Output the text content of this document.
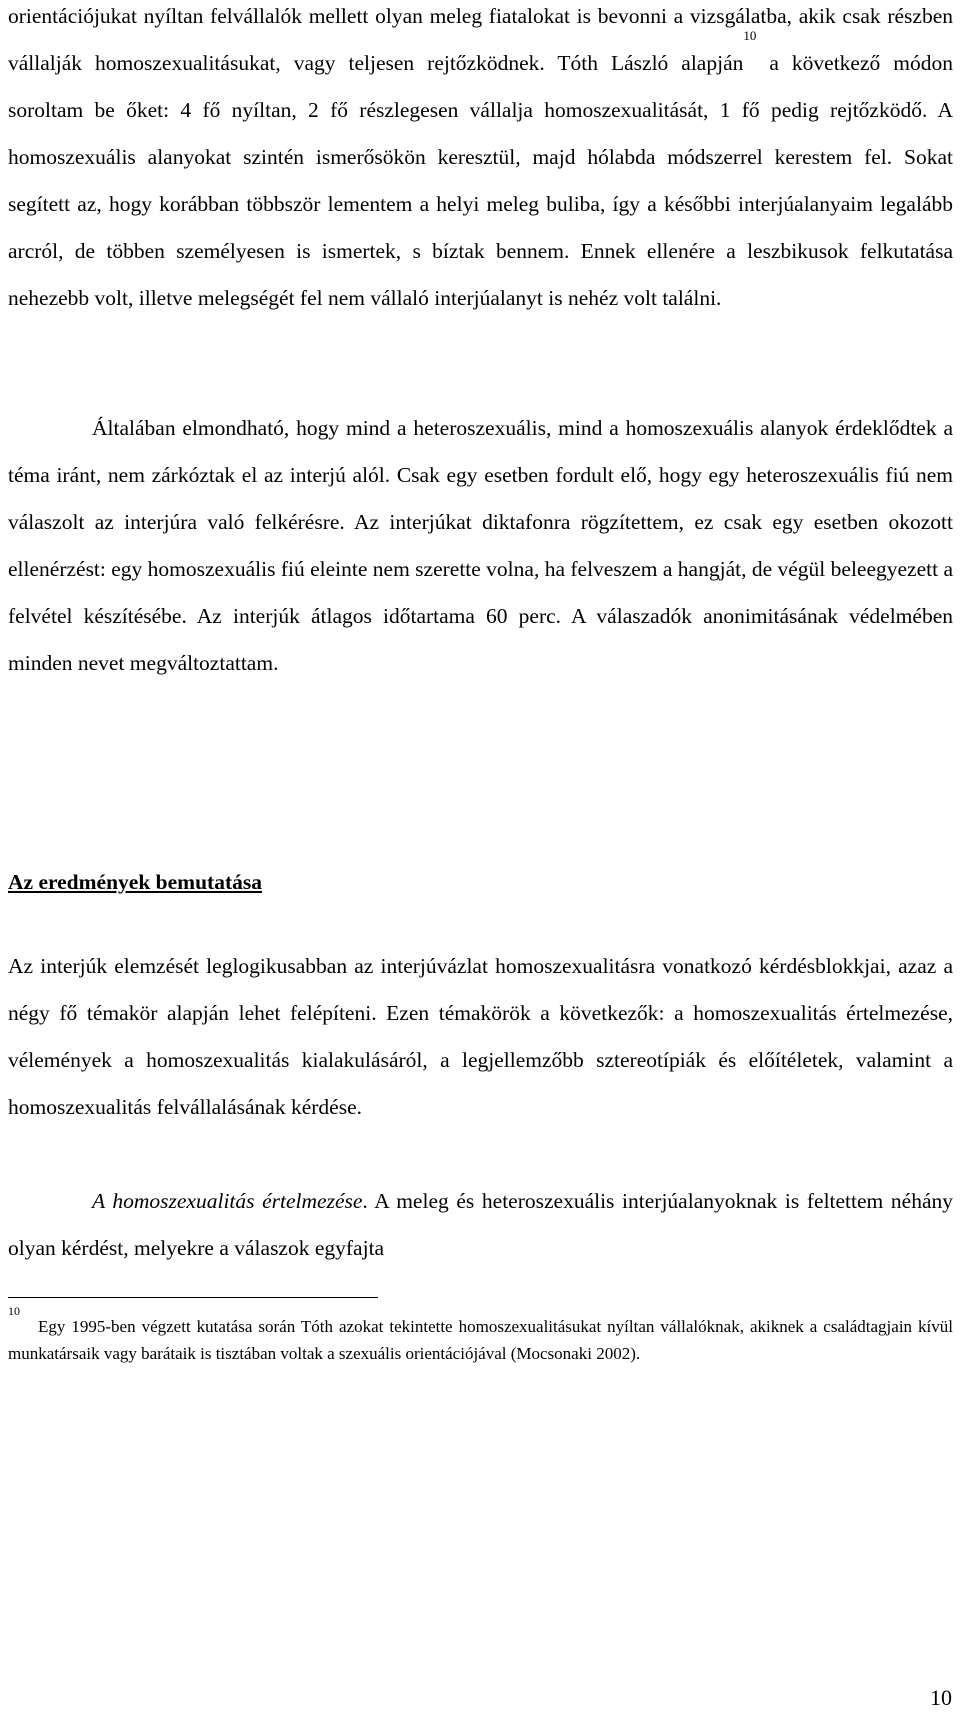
orientációjukat nyíltan felvállalók mellett olyan meleg fiatalokat is bevonni a vizsgálatba, akik csak részben vállalják homoszexualitásukat, vagy teljesen rejtőzködnek. Tóth László alapján$^{10}$ a következő módon soroltam be őket: 4 fő nyíltan, 2 fő részlegesen vállalja homoszexualitását, 1 fő pedig rejtőzködő. A homoszexuális alanyokat szintén ismerősökön keresztül, majd hólabda módszerrel kerestem fel. Sokat segített az, hogy korábban többször lementem a helyi meleg buliba, így a későbbi interjúalanyaim legalább arcról, de többen személyesen is ismertek, s bíztak bennem. Ennek ellenére a leszbikusok felkutatása nehezebb volt, illetve melegségét fel nem vállaló interjúalanyt is nehéz volt találni.

Általában elmondható, hogy mind a heteroszexuális, mind a homoszexuális alanyok érdeklődtek a téma iránt, nem zárkóztak el az interjú alól. Csak egy esetben fordult elő, hogy egy heteroszexuális fiú nem válaszolt az interjúra való felkérésre. Az interjúkat diktafonra rögzítettem, ez csak egy esetben okozott ellenérzést: egy homoszexuális fiú eleinte nem szerette volna, ha felveszem a hangját, de végül beleegyezett a felvétel készítésébe. Az interjúk átlagos időtartama 60 perc. A válaszadók anonimitásának védelmében minden nevet megváltoztattam.

Az eredmények bemutatása

Az interjúk elemzését leglogikusabban az interjúvázlat homoszexualitásra vonatkozó kérdésblokkjai, azaz a négy fő témakör alapján lehet felépíteni. Ezen témakörök a következők: a homoszexualitás értelmezése, vélemények a homoszexualitás kialakulásáról, a legjellemzőbb sztereotípiák és előítéletek, valamint a homoszexualitás felvállalásának kérdése.

A homoszexualitás értelmezése. A meleg és heteroszexuális interjúalanyoknak is feltettem néhány olyan kérdést, melyekre a válaszok egyfajta

$^{10}$Egy 1995-ben végzett kutatása során Tóth azokat tekintette homoszexualitásukat nyíltan vállalóknak, akiknek a családtagjain kívül munkatársaik vagy barátaik is tisztában voltak a szexuális orientációjával (Mocsonaki 2002).

10
